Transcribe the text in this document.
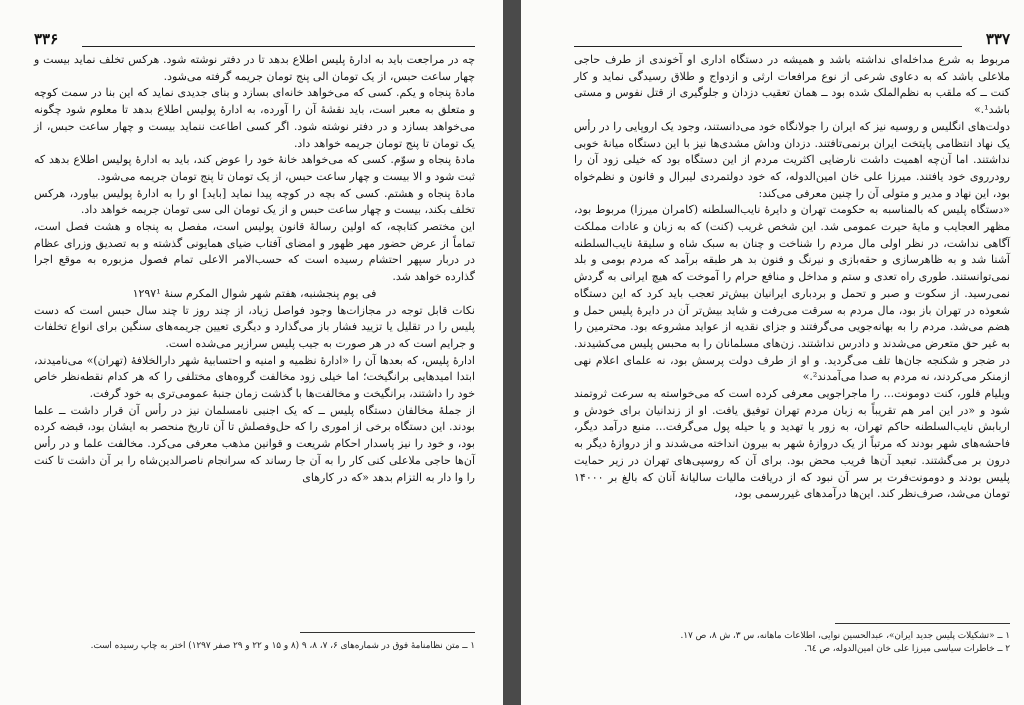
۳۳۶

چه در مراجعت باید به ادارهٔ پلیس اطلاع بدهد تا در دفتر نوشته شود. هرکس تخلف نماید بیست و چهار ساعت حبس، از یک تومان الی پنج تومان جریمه گرفته می‌شود.

مادهٔ پنجاه و یکم. کسی که می‌خواهد خانه‌ای بسازد و بنای جدیدی نماید که این بنا در سمت کوچه و متعلق به معبر است، باید نقشهٔ آن را آورده، به ادارهٔ پولیس اطلاع بدهد تا معلوم شود چگونه می‌خواهد بسازد و در دفتر نوشته شود. اگر کسی اطاعت ننماید بیست و چهار ساعت حبس، از یک تومان تا پنج تومان جریمه خواهد داد.

مادهٔ پنجاه و سوّم. کسی که می‌خواهد خانهٔ خود را عوض کند، باید به ادارهٔ پولیس اطلاع بدهد که ثبت شود و الا بیست و چهار ساعت حبس، از یک تومان تا پنج تومان جریمه می‌شود.

مادهٔ پنجاه و هشتم. کسی که بچه در کوچه پیدا نماید [باید] او را به ادارهٔ پولیس بیاورد، هرکس تخلف بکند، بیست و چهار ساعت حبس و از یک تومان الی سی تومان جریمه خواهد داد.

این مختصر کتابچه، که اولین رسالهٔ قانون پولیس است، مفصل به پنجاه و هشت فصل است، تماماً از عرض حضور مهر ظهور و امضای آفتاب ضیای همایونی گذشته و به تصدیق وزرای عظام در دربار سپهر احتشام رسیده است که حسب‌الامر الاعلی تمام فصول مزبوره به موقع اجرا گذارده خواهد شد.

فی یوم پنجشنبه، هفتم شهر شوال المکرم سنهٔ ۱۲۹۷¹

نکات قابل توجه در مجازات‌ها وجود فواصل زیاد، از چند روز تا چند سال حبس است که دست پلیس را در تقلیل یا تزیید فشار باز می‌گذارد و دیگری تعیین جریمه‌های سنگین برای انواع تخلفات و جرایم است که در هر صورت به جیب پلیس سرازیر می‌شده است.

ادارهٔ پلیس، که بعدها آن را «ادارهٔ نظمیه و امنیه و احتسابیهٔ شهر دارالخلافهٔ (تهران)» می‌نامیدند، ابتدا امیدهایی برانگیخت؛ اما خیلی زود مخالفت گروه‌های مختلفی را که هر کدام نقطه‌نظر خاص خود را داشتند، برانگیخت و مخالفت‌ها با گذشت زمان جنبهٔ عمومی‌تری به خود گرفت.

از جملهٔ مخالفان دستگاه پلیس ــ که یک اجنبی نامسلمان نیز در رأس آن قرار داشت ــ علما بودند. این دستگاه برخی از اموری را که حل‌وفصلش تا آن تاریخ منحصر به ایشان بود، قبضه کرده بود، و خود را نیز پاسدار احکام شریعت و قوانین مذهب معرفی می‌کرد. مخالفت علما و در رأس آن‌ها حاجی ملاعلی کنی کار را به آن جا رساند که سرانجام ناصرالدین‌شاه را بر آن داشت تا کنت را وا دار به التزام بدهد «که در کارهای

۱ ــ متن نظامنامهٔ فوق در شماره‌های ۶، ۷، ۸، ۹ (۸ و ۱۵ و ۲۲ و ۲۹ صفر ۱۲۹۷) اختر به چاپ رسیده است.
۳۳۷

مربوط به شرع مداخله‌ای نداشته باشد و همیشه در دستگاه اداری او آخوندی از طرف حاجی ملاعلی باشد که به دعاوی شرعی از نوع مرافعات ارثی و ازدواج و طلاق رسیدگی نماید و کار کنت ــ که ملقب به نظم‌الملک شده بود ــ همان تعقیب دزدان و جلوگیری از قتل نفوس و مستی باشد¹.»

دولت‌های انگلیس و روسیه نیز که ایران را جولانگاه خود می‌دانستند، وجود یک اروپایی را در رأس یک نهاد انتظامی پایتخت ایران برنمی‌تافتند. دزدان وداش مشدی‌ها نیز با این دستگاه میانهٔ خوبی نداشتند. اما آن‌چه اهمیت داشت نارضایی اکثریت مردم از این دستگاه بود که خیلی زود آن را رودرروی خود یافتند. میرزا علی خان امین‌الدوله، که خود دولتمردی لیبرال و قانون و نظم‌خواه بود، این نهاد و مدیر و متولی آن را چنین معرفی می‌کند:

«دستگاه پلیس که بالمناسبه به حکومت تهران و دایرهٔ نایب‌السلطنه (کامران میرزا) مربوط بود، مظهر العجایب و مایهٔ حیرت عمومی شد. این شخص غریب (کنت) که به زبان و عادات مملکت آگاهی نداشت، در نظر اولی مال مردم را شناخت و چنان به سبک شاه و سلیقهٔ نایب‌السلطنه آشنا شد و به ظاهرسازی و حقه‌بازی و نیرنگ و فنون بد هر طبقه برآمد که مردم بومی و بلد نمی‌توانستند. طوری راه تعدی و ستم و مداخل و منافع حرام را آموخت که هیچ ایرانی به گردش نمی‌رسید. از سکوت و صبر و تحمل و بردباری ایرانیان بیش‌تر تعجب باید کرد که این دستگاه شعوذه در تهران باز بود، مال مردم به سرقت می‌رفت و شاید بیش‌تر آن در دایرهٔ پلیس حمل و هضم می‌شد. مردم را به بهانه‌جویی می‌گرفتند و جزای نقدیه از عواید مشروعه بود. محترمین را به غیر حق متعرض می‌شدند و دادرس نداشتند. زن‌های مسلمانان را به محبس پلیس می‌کشیدند. در ضجر و شکنجه جان‌ها تلف می‌گردید. و او از طرف دولت پرسش بود، نه علمای اعلام نهی ازمنکر می‌کردند، نه مردم به صدا می‌آمدند².»

ویلیام فلور، کنت دومونت... را ماجراجویی معرفی کرده است که می‌خواسته به سرعت ثروتمند شود و «در این امر هم تقریباً به زبان مردم تهران توفیق یافت. او از زندانیان برای خودش و اربابش نایب‌السلطنه حاکم تهران، به زور یا تهدید و یا حیله پول می‌گرفت... منبع درآمد دیگر، فاحشه‌های شهر بودند که مرتباً از یک دروازهٔ شهر به بیرون انداخته می‌شدند و از دروازهٔ دیگر به درون بر می‌گشتند. تبعید آن‌ها فریب محض بود. برای آن که روسپی‌های تهران در زیر حمایت پلیس بودند و دومونت‌فرت بر سر آن نبود که از دریافت مالیات سالیانهٔ آنان که بالغ بر ۱۴۰۰۰ تومان می‌شد، صرف‌نظر کند. این‌ها درآمدهای غیررسمی بود،

۱ ــ «تشکیلات پلیس جدید ایران»، عبدالحسین نوایی، اطلاعات ماهانه، س ۳، ش ۸، ص ۱۷.
۲ ــ خاطرات سیاسی میرزا علی خان امین‌الدوله، ص ٦٤.
